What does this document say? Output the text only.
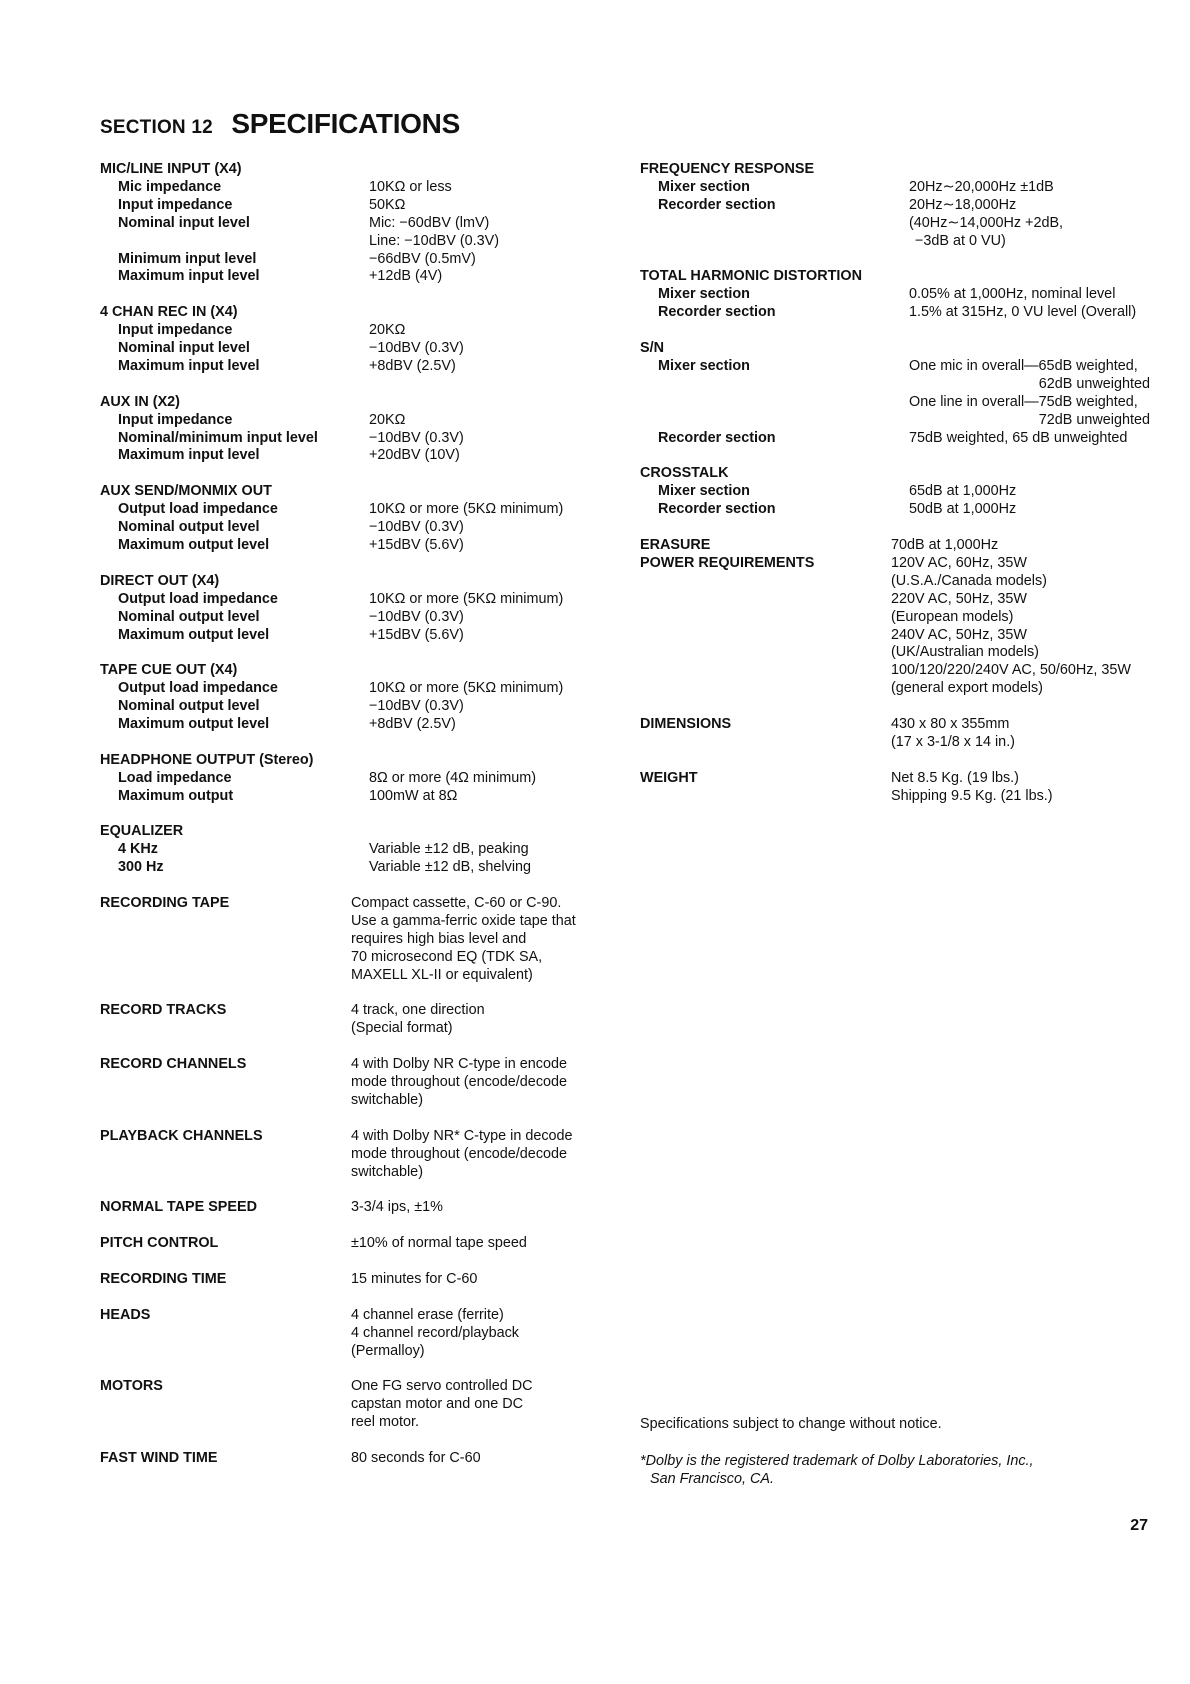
SECTION 12 SPECIFICATIONS
MIC/LINE INPUT (X4)
Mic impedance	10KΩ or less
Input impedance	50KΩ
Nominal input level	Mic: −60dBV (lmV)
Line: −10dBV (0.3V)
Minimum input level	−66dBV (0.5mV)
Maximum input level	+12dB (4V)
4 CHAN REC IN (X4)
Input impedance	20KΩ
Nominal input level	−10dBV (0.3V)
Maximum input level	+8dBV (2.5V)
AUX IN (X2)
Input impedance	20KΩ
Nominal/minimum input level	−10dBV (0.3V)
Maximum input level	+20dBV (10V)
AUX SEND/MONMIX OUT
Output load impedance	10KΩ or more (5KΩ minimum)
Nominal output level	−10dBV (0.3V)
Maximum output level	+15dBV (5.6V)
DIRECT OUT (X4)
Output load impedance	10KΩ or more (5KΩ minimum)
Nominal output level	−10dBV (0.3V)
Maximum output level	+15dBV (5.6V)
TAPE CUE OUT (X4)
Output load impedance	10KΩ or more (5KΩ minimum)
Nominal output level	−10dBV (0.3V)
Maximum output level	+8dBV (2.5V)
HEADPHONE OUTPUT (Stereo)
Load impedance	8Ω or more (4Ω minimum)
Maximum output	100mW at 8Ω
EQUALIZER
4 KHz	Variable ±12 dB, peaking
300 Hz	Variable ±12 dB, shelving
RECORDING TAPE	Compact cassette, C-60 or C-90.
Use a gamma-ferric oxide tape that
requires high bias level and
70 microsecond EQ (TDK SA,
MAXELL XL-II or equivalent)
RECORD TRACKS	4 track, one direction
(Special format)
RECORD CHANNELS	4 with Dolby NR C-type in encode
mode throughout (encode/decode
switchable)
PLAYBACK CHANNELS	4 with Dolby NR* C-type in decode
mode throughout (encode/decode
switchable)
NORMAL TAPE SPEED	3-3/4 ips, ±1%
PITCH CONTROL	±10% of normal tape speed
RECORDING TIME	15 minutes for C-60
HEADS	4 channel erase (ferrite)
4 channel record/playback
(Permalloy)
MOTORS	One FG servo controlled DC
capstan motor and one DC
reel motor.
FAST WIND TIME	80 seconds for C-60
FREQUENCY RESPONSE
Mixer section	20Hz∼20,000Hz ±1dB
Recorder section	20Hz∼18,000Hz
(40Hz∼14,000Hz +2dB,
−3dB at 0 VU)
TOTAL HARMONIC DISTORTION
Mixer section	0.05% at 1,000Hz, nominal level
Recorder section	1.5% at 315Hz, 0 VU level (Overall)
S/N
Mixer section	One mic in overall—65dB weighted,
62dB unweighted
One line in overall—75dB weighted,
72dB unweighted
Recorder section	75dB weighted, 65 dB unweighted
CROSSTALK
Mixer section	65dB at 1,000Hz
Recorder section	50dB at 1,000Hz
ERASURE	70dB at 1,000Hz
POWER REQUIREMENTS	120V AC, 60Hz, 35W
(U.S.A./Canada models)
220V AC, 50Hz, 35W
(European models)
240V AC, 50Hz, 35W
(UK/Australian models)
100/120/220/240V AC, 50/60Hz, 35W
(general export models)
DIMENSIONS	430 x 80 x 355mm
(17 x 3-1/8 x 14 in.)
WEIGHT	Net 8.5 Kg. (19 lbs.)
Shipping 9.5 Kg. (21 lbs.)
Specifications subject to change without notice.
*Dolby is the registered trademark of Dolby Laboratories, Inc.,
San Francisco, CA.
27
